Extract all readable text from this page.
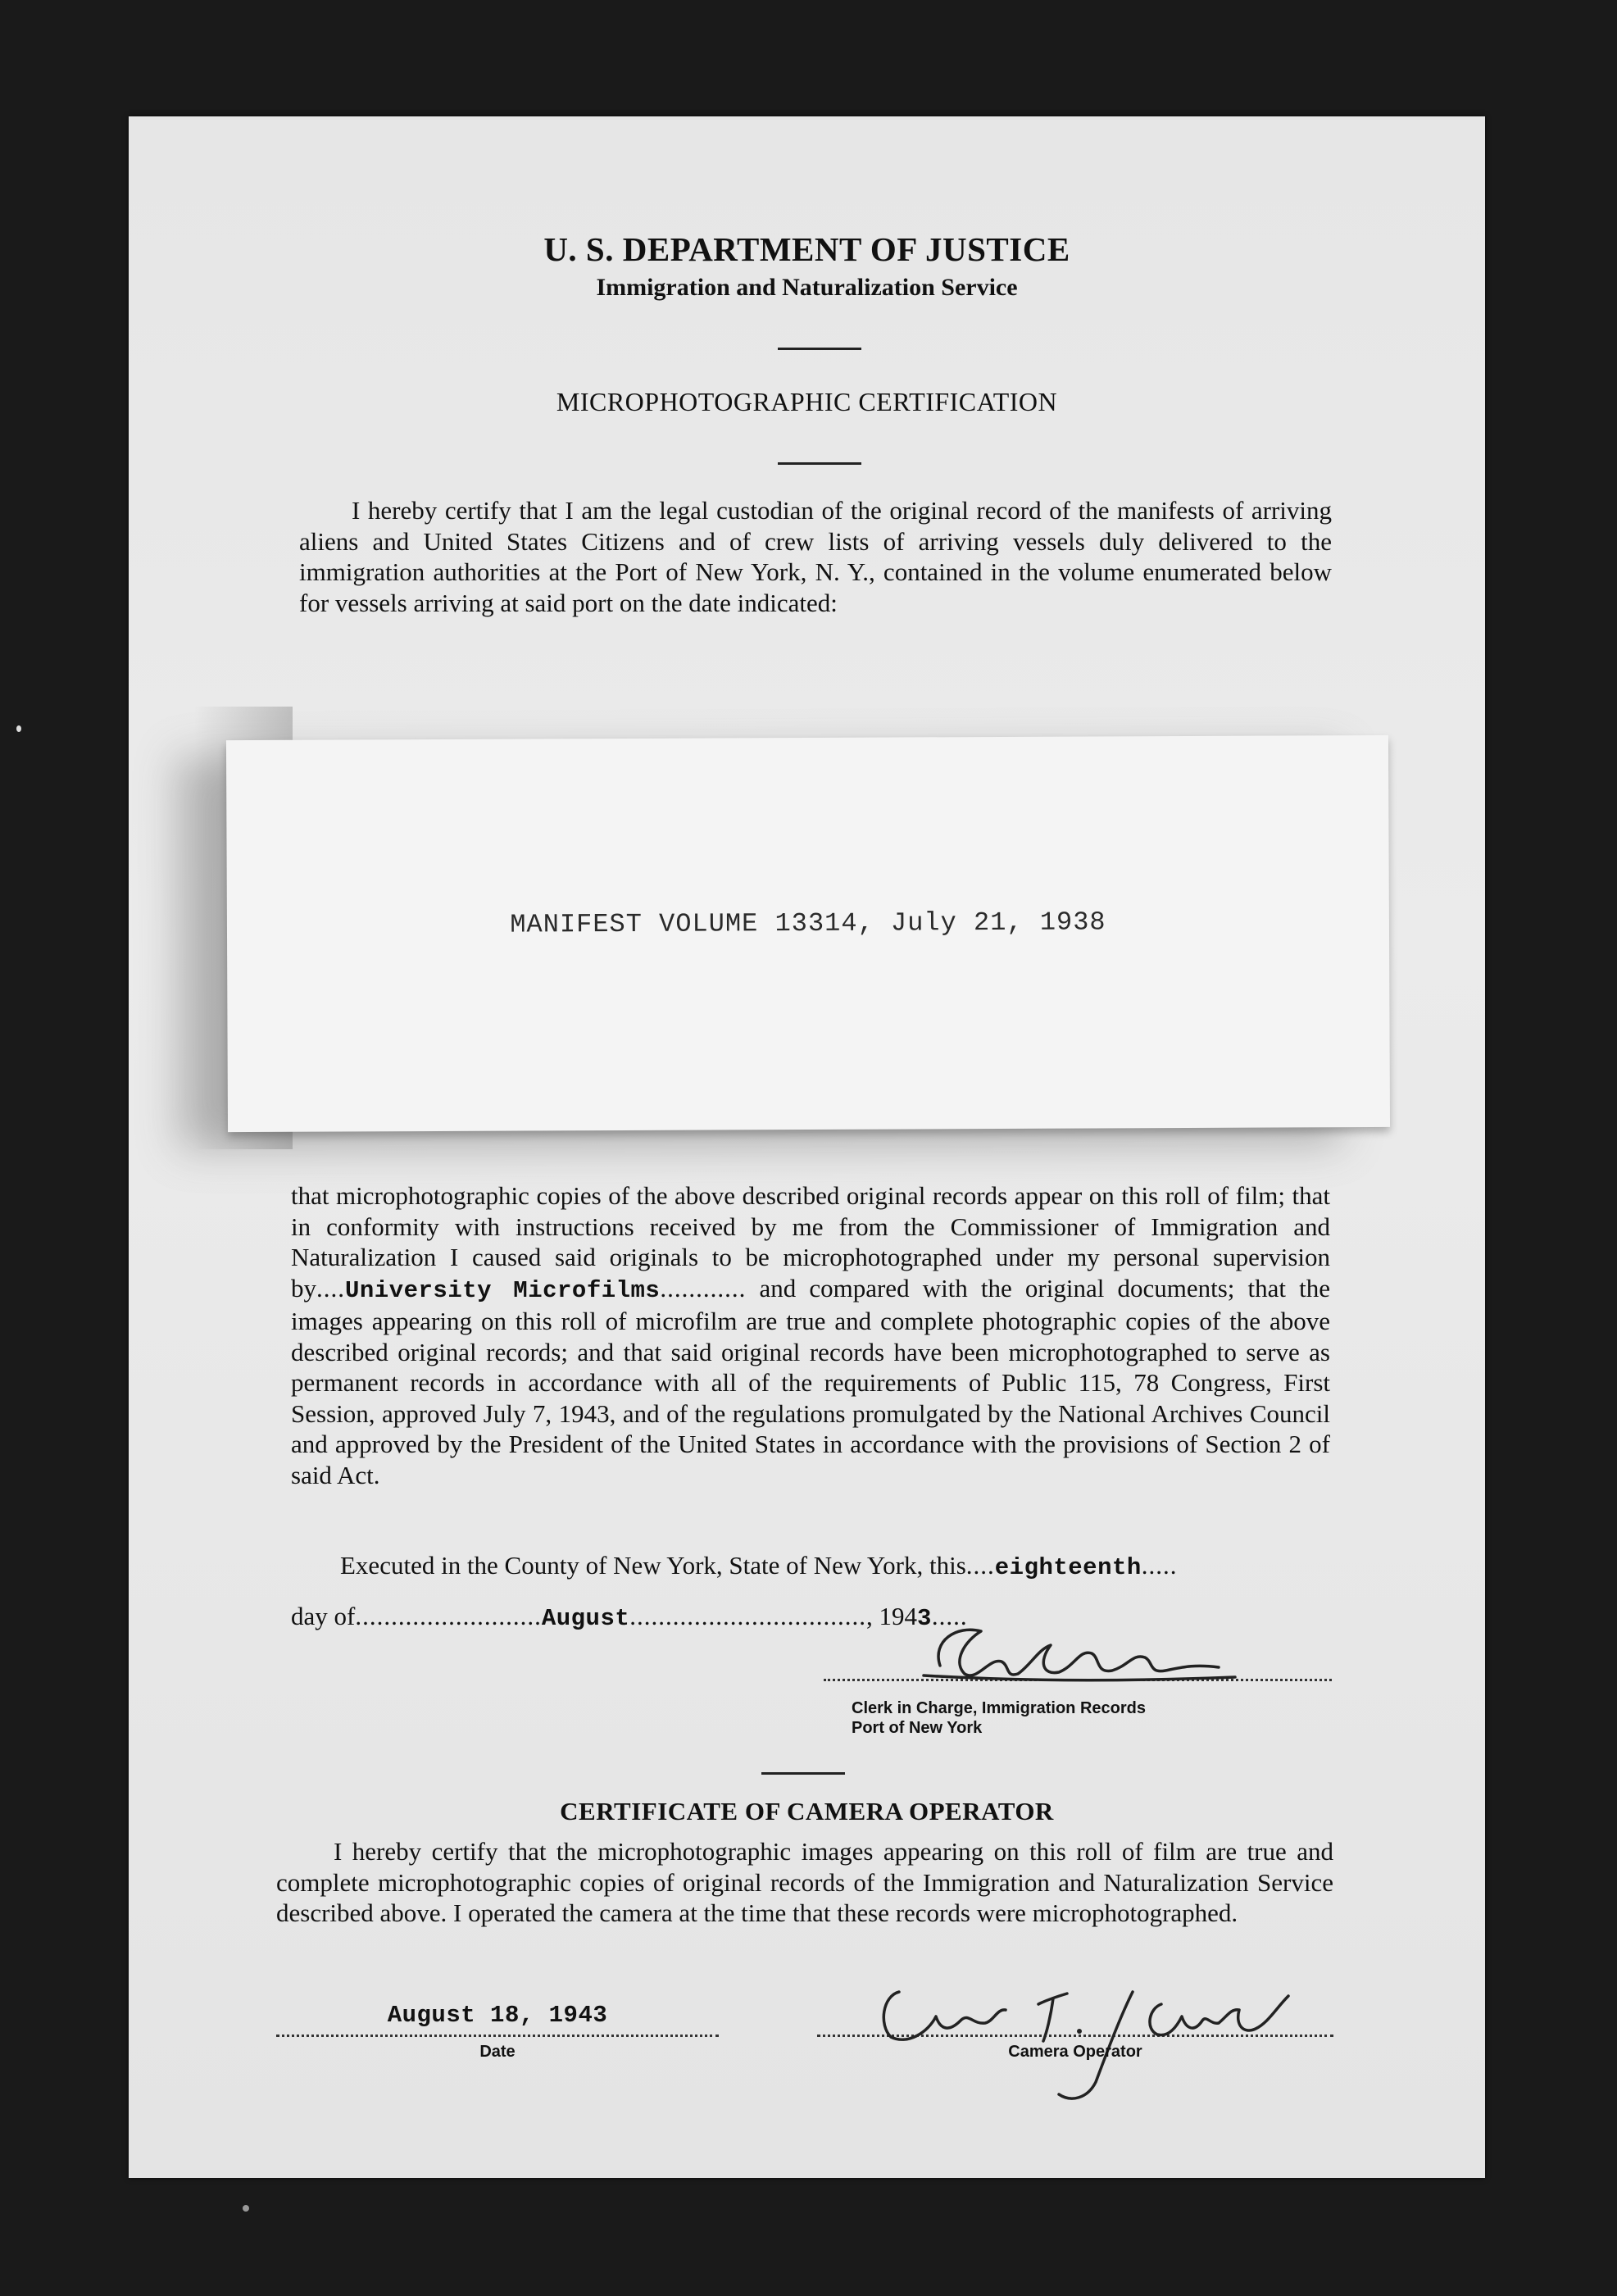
U. S. DEPARTMENT OF JUSTICE
Immigration and Naturalization Service
MICROPHOTOGRAPHIC CERTIFICATION
I hereby certify that I am the legal custodian of the original record of the manifests of arriving aliens and United States Citizens and of crew lists of arriving vessels duly delivered to the immigration authorities at the Port of New York, N. Y., contained in the volume enumerated below for vessels arriving at said port on the date indicated:
MANIFEST VOLUME 13314, July 21, 1938
that microphotographic copies of the above described original records appear on this roll of film; that in conformity with instructions received by me from the Commissioner of Immigration and Naturalization I caused said originals to be microphotographed under my personal supervision by....University Microfilms............ and compared with the original documents; that the images appearing on this roll of microfilm are true and complete photographic copies of the above described original records; and that said original records have been microphotographed to serve as permanent records in accordance with all of the requirements of Public 115, 78 Congress, First Session, approved July 7, 1943, and of the regulations promulgated by the National Archives Council and approved by the President of the United States in accordance with the provisions of Section 2 of said Act.
Executed in the County of New York, State of New York, this....eighteenth.....
day of..........................August................................., 1943.....
Clerk in Charge, Immigration Records
Port of New York
CERTIFICATE OF CAMERA OPERATOR
I hereby certify that the microphotographic images appearing on this roll of film are true and complete microphotographic copies of original records of the Immigration and Naturalization Service described above. I operated the camera at the time that these records were microphotographed.
August 18, 1943
Date	Camera Operator
